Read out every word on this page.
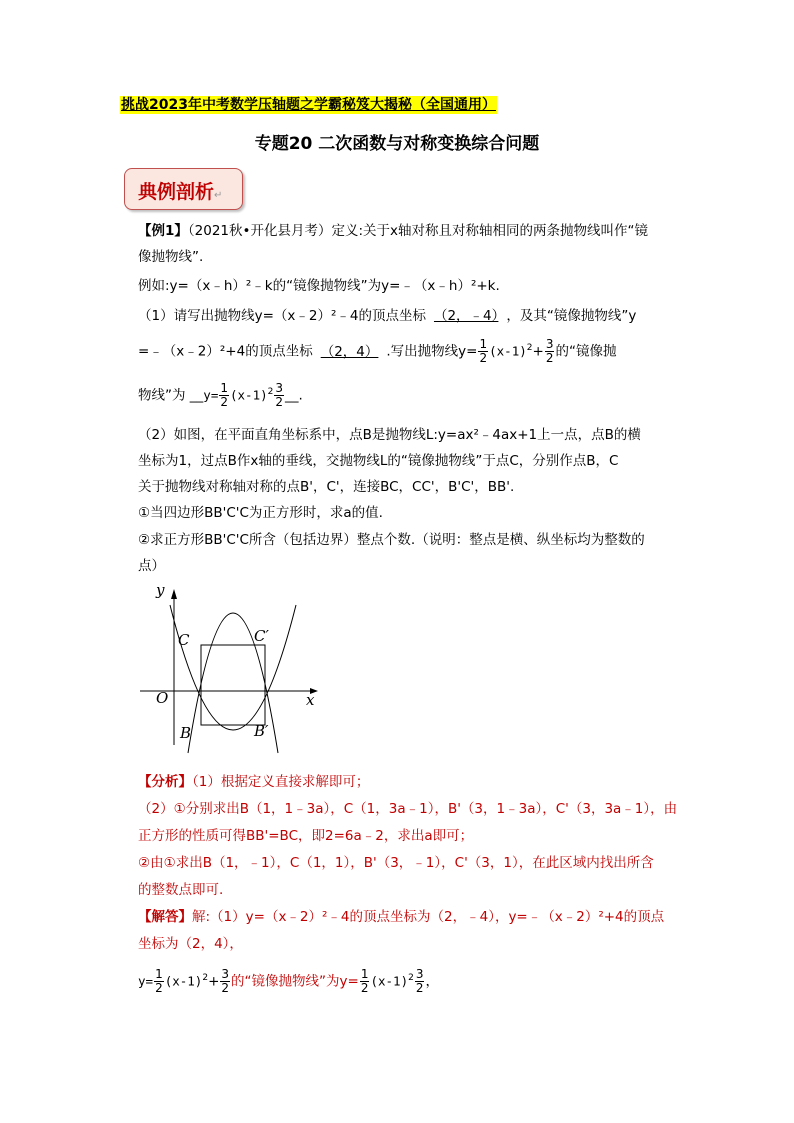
挑战2023年中考数学压轴题之学霸秘笈大揭秘（全国通用）
专题20 二次函数与对称变换综合问题
典例剖析↵
【例1】（2021秋•开化县月考）定义:关于x轴对称且对称轴相同的两条抛物线叫作“镜
像抛物线”.
例如:y=（x﹣h）²﹣k的“镜像抛物线”为y=﹣（x﹣h）²+k.
（1）请写出抛物线y=（x﹣2）²﹣4的顶点坐标 （2，﹣4） ，及其“镜像抛物线”y
=﹣（x﹣2）²+4的顶点坐标 （2，4） .写出抛物线$y= \frac{1}{2} (x-1)^2+ \frac{3}{2}$ 的“镜像抛
物线”为 __y= $\frac{1}{2} (x-1)^2 \frac{3}{2}$ __.
（2）如图，在平面直角坐标系中，点B是抛物线L:y=ax²﹣4ax+1上一点，点B的横
坐标为1，过点B作x轴的垂线，交抛物线L的“镜像抛物线”于点C，分别作点B，C
关于抛物线对称轴对称的点B'，C'，连接BC，CC'，B'C'，BB'.
①当四边形BB'C'C为正方形时，求a的值.
②求正方形BB'C'C所含（包括边界）整点个数.（说明：整点是横、纵坐标均为整数的
点）
y
x
O
C	C′
B	B′
【分析】（1）根据定义直接求解即可；
（2）①分别求出B（1，1﹣3a），C（1，3a﹣1），B'（3，1﹣3a），C'（3，3a﹣1），由
正方形的性质可得BB'=BC，即2=6a﹣2，求出a即可；
②由①求出B（1，﹣1），C（1，1），B'（3，﹣1），C'（3，1），在此区域内找出所含
的整数点即可.
【解答】解:（1）y=（x﹣2）²﹣4的顶点坐标为（2，﹣4），y=﹣（x﹣2）²+4的顶点
坐标为（2，4），
$y= \frac{1}{2} (x-1)^2+ \frac{3}{2}$ 的“镜像抛物线”为$y= \frac{1}{2} (x-1)^2 \frac{3}{2}$ ，
